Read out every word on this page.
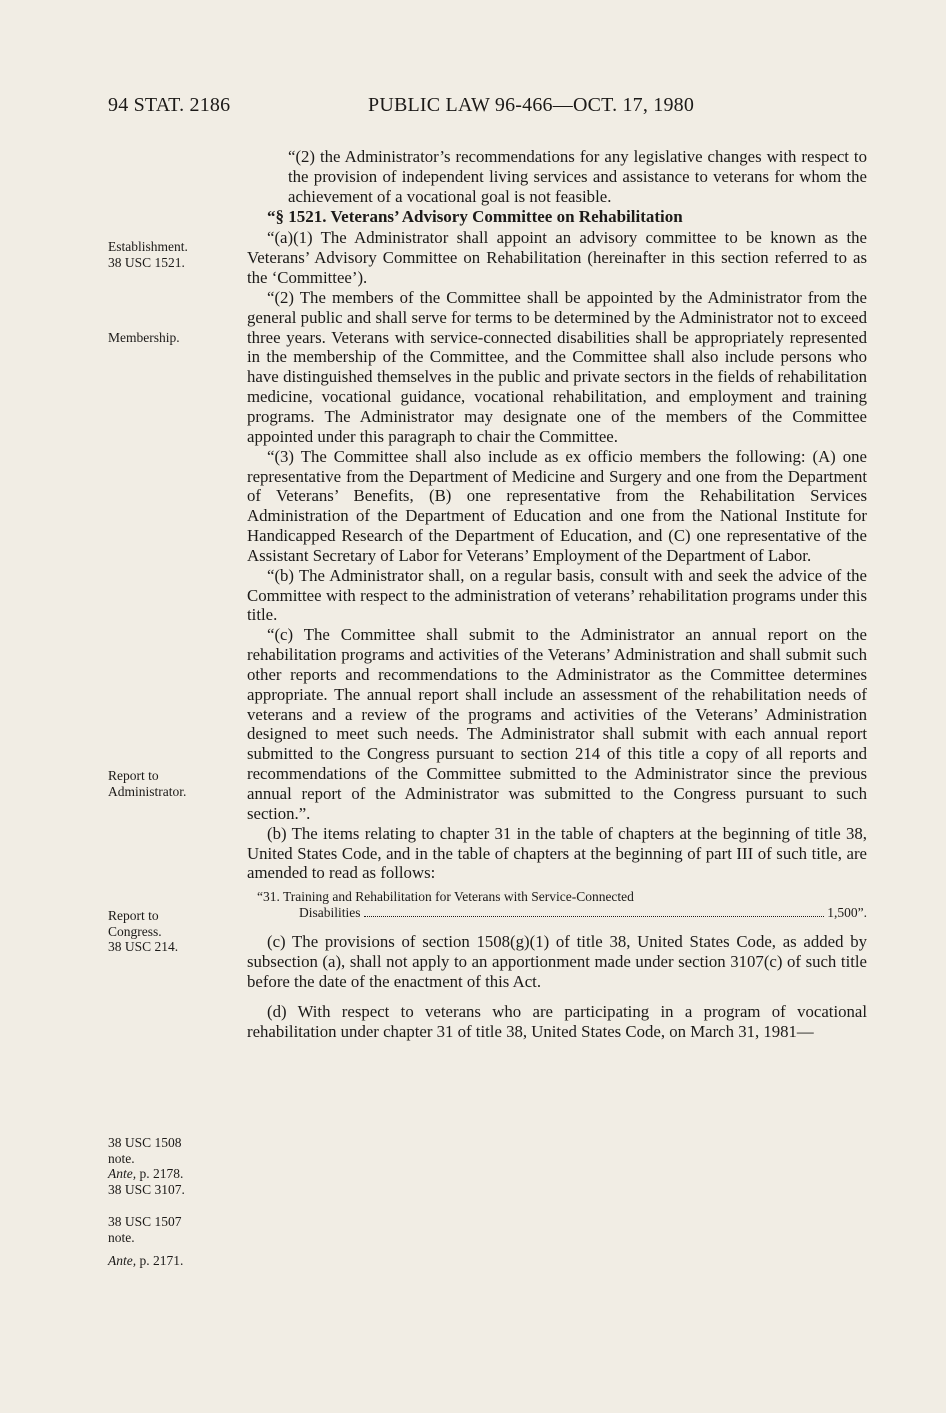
94 STAT. 2186	PUBLIC LAW 96-466—OCT. 17, 1980

“(2) the Administrator’s recommendations for any legislative changes with respect to the provision of independent living services and assistance to veterans for whom the achievement of a vocational goal is not feasible.

“§ 1521. Veterans’ Advisory Committee on Rehabilitation

“(a)(1) The Administrator shall appoint an advisory committee to be known as the Veterans’ Advisory Committee on Rehabilitation (hereinafter in this section referred to as the ‘Committee’).

“(2) The members of the Committee shall be appointed by the Administrator from the general public and shall serve for terms to be determined by the Administrator not to exceed three years. Veterans with service-connected disabilities shall be appropriately represented in the membership of the Committee, and the Committee shall also include persons who have distinguished themselves in the public and private sectors in the fields of rehabilitation medicine, vocational guidance, vocational rehabilitation, and employment and training programs. The Administrator may designate one of the members of the Committee appointed under this paragraph to chair the Committee.

“(3) The Committee shall also include as ex officio members the following: (A) one representative from the Department of Medicine and Surgery and one from the Department of Veterans’ Benefits, (B) one representative from the Rehabilitation Services Administration of the Department of Education and one from the National Institute for Handicapped Research of the Department of Education, and (C) one representative of the Assistant Secretary of Labor for Veterans’ Employment of the Department of Labor.

“(b) The Administrator shall, on a regular basis, consult with and seek the advice of the Committee with respect to the administration of veterans’ rehabilitation programs under this title.

“(c) The Committee shall submit to the Administrator an annual report on the rehabilitation programs and activities of the Veterans’ Administration and shall submit such other reports and recommendations to the Administrator as the Committee determines appropriate. The annual report shall include an assessment of the rehabilitation needs of veterans and a review of the programs and activities of the Veterans’ Administration designed to meet such needs. The Administrator shall submit with each annual report submitted to the Congress pursuant to section 214 of this title a copy of all reports and recommendations of the Committee submitted to the Administrator since the previous annual report of the Administrator was submitted to the Congress pursuant to such section.”.

(b) The items relating to chapter 31 in the table of chapters at the beginning of title 38, United States Code, and in the table of chapters at the beginning of part III of such title, are amended to read as follows:

“31. Training and Rehabilitation for Veterans with Service-Connected
Disabilities	1,500”.

(c) The provisions of section 1508(g)(1) of title 38, United States Code, as added by subsection (a), shall not apply to an apportionment made under section 3107(c) of such title before the date of the enactment of this Act.

(d) With respect to veterans who are participating in a program of vocational rehabilitation under chapter 31 of title 38, United States Code, on March 31, 1981—

Establishment.
38 USC 1521.
Membership.
Report to
Administrator.
Report to
Congress.
38 USC 214.
38 USC 1508
note.
Ante, p. 2178.
38 USC 3107.
38 USC 1507
note.
Ante, p. 2171.
